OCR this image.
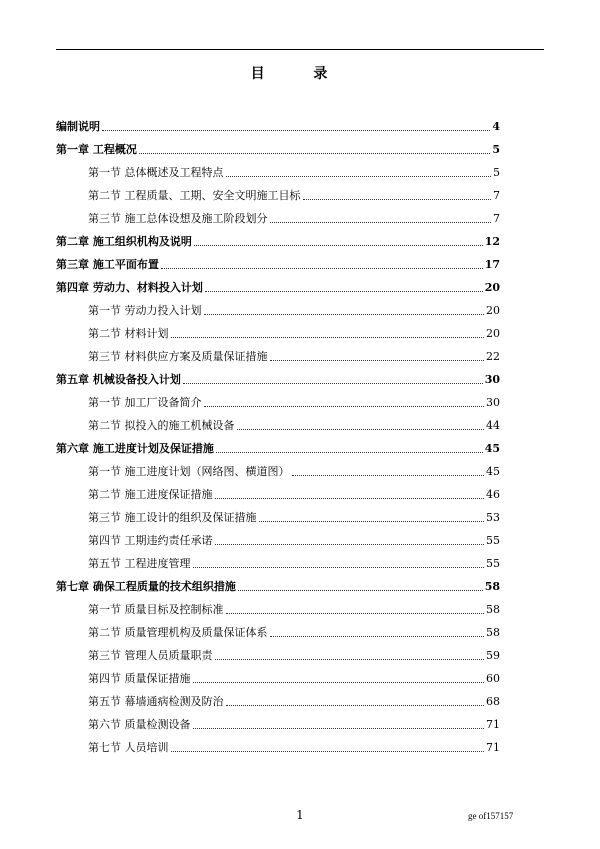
目 录
编制说明	4
第一章 工程概况	5
第一节 总体概述及工程特点	5
第二节 工程质量、工期、安全文明施工目标	7
第三节 施工总体设想及施工阶段划分	7
第二章 施工组织机构及说明	12
第三章 施工平面布置	17
第四章 劳动力、材料投入计划	20
第一节 劳动力投入计划	20
第二节 材料计划	20
第三节 材料供应方案及质量保证措施	22
第五章 机械设备投入计划	30
第一节 加工厂设备简介	30
第二节 拟投入的施工机械设备	44
第六章 施工进度计划及保证措施	45
第一节 施工进度计划（网络图、横道图）	45
第二节 施工进度保证措施	46
第三节 施工设计的组织及保证措施	53
第四节 工期违约责任承诺	55
第五节 工程进度管理	55
第七章 确保工程质量的技术组织措施	58
第一节 质量目标及控制标准	58
第二节 质量管理机构及质量保证体系	58
第三节 管理人员质量职责	59
第四节 质量保证措施	60
第五节 幕墙通病检测及防治	68
第六节 质量检测设备	71
第七节 人员培训	71
1	ge of157157
